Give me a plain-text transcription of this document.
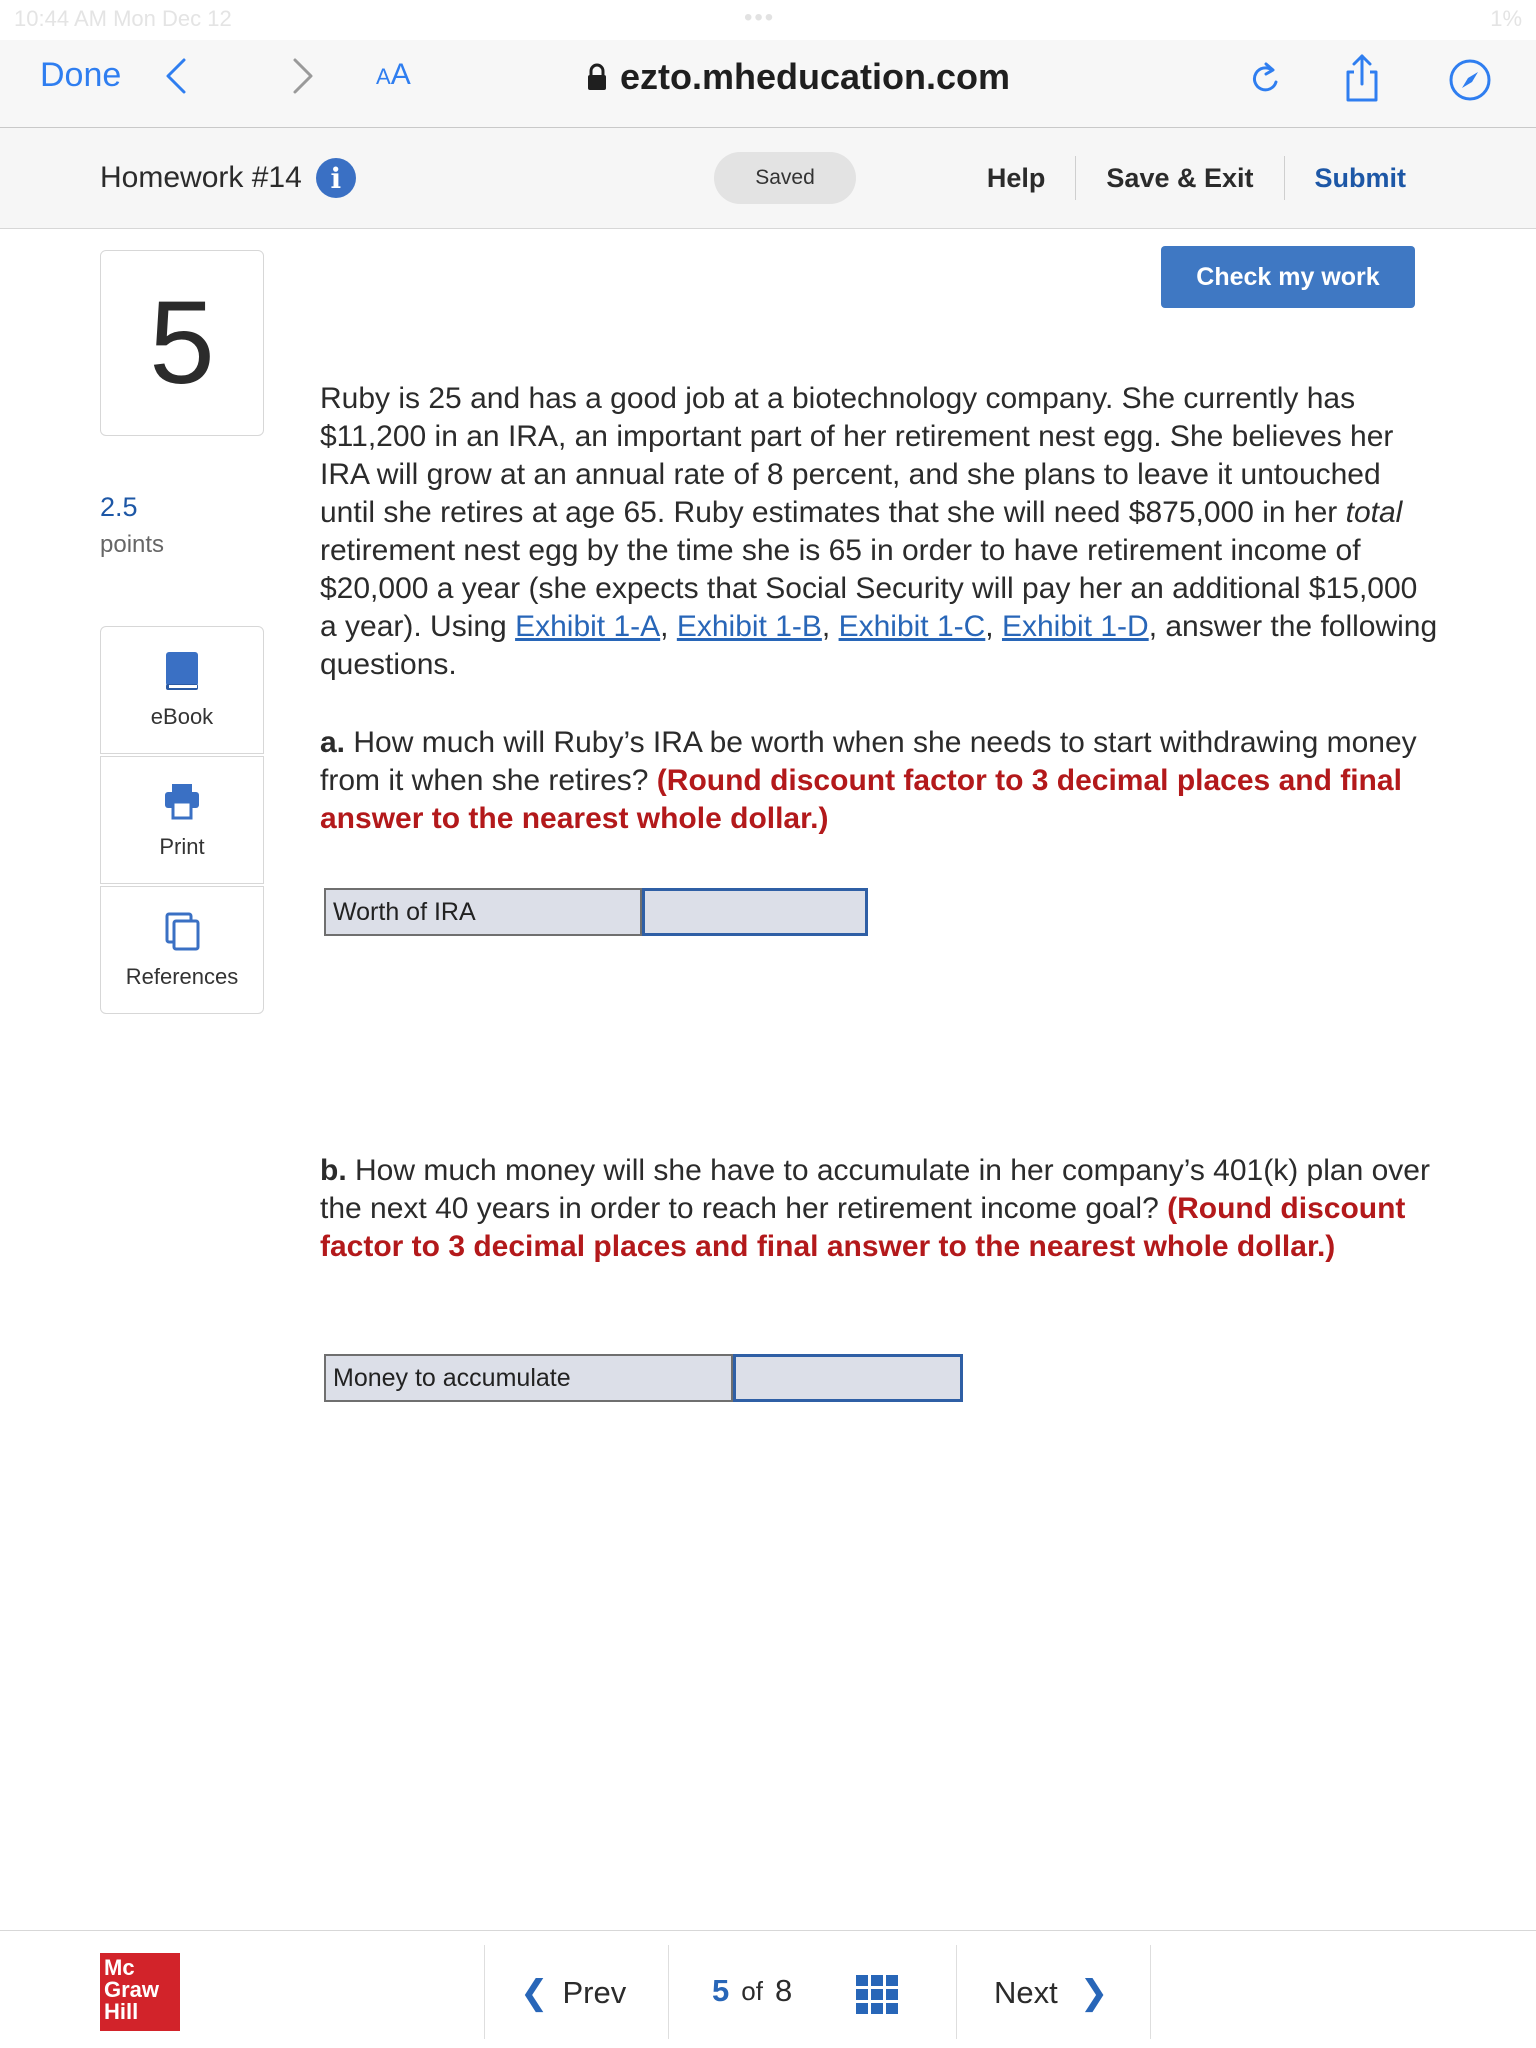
10:44 AM Mon Dec 12	•••	1%
Done	AA	ezto.mheducation.com
Homework #14	i	Saved	Help	Save & Exit	Submit
5
2.5
points
eBook
Print
References
Check my work
Ruby is 25 and has a good job at a biotechnology company. She currently has $11,200 in an IRA, an important part of her retirement nest egg. She believes her IRA will grow at an annual rate of 8 percent, and she plans to leave it untouched until she retires at age 65. Ruby estimates that she will need $875,000 in her total retirement nest egg by the time she is 65 in order to have retirement income of $20,000 a year (she expects that Social Security will pay her an additional $15,000 a year). Using Exhibit 1-A, Exhibit 1-B, Exhibit 1-C, Exhibit 1-D, answer the following questions.
a. How much will Ruby’s IRA be worth when she needs to start withdrawing money from it when she retires? (Round discount factor to 3 decimal places and final answer to the nearest whole dollar.)
Worth of IRA
b. How much money will she have to accumulate in her company’s 401(k) plan over the next 40 years in order to reach her retirement income goal? (Round discount factor to 3 decimal places and final answer to the nearest whole dollar.)
Money to accumulate
Mc
Graw
Hill	❮ Prev	5 of 8	Next ❯
